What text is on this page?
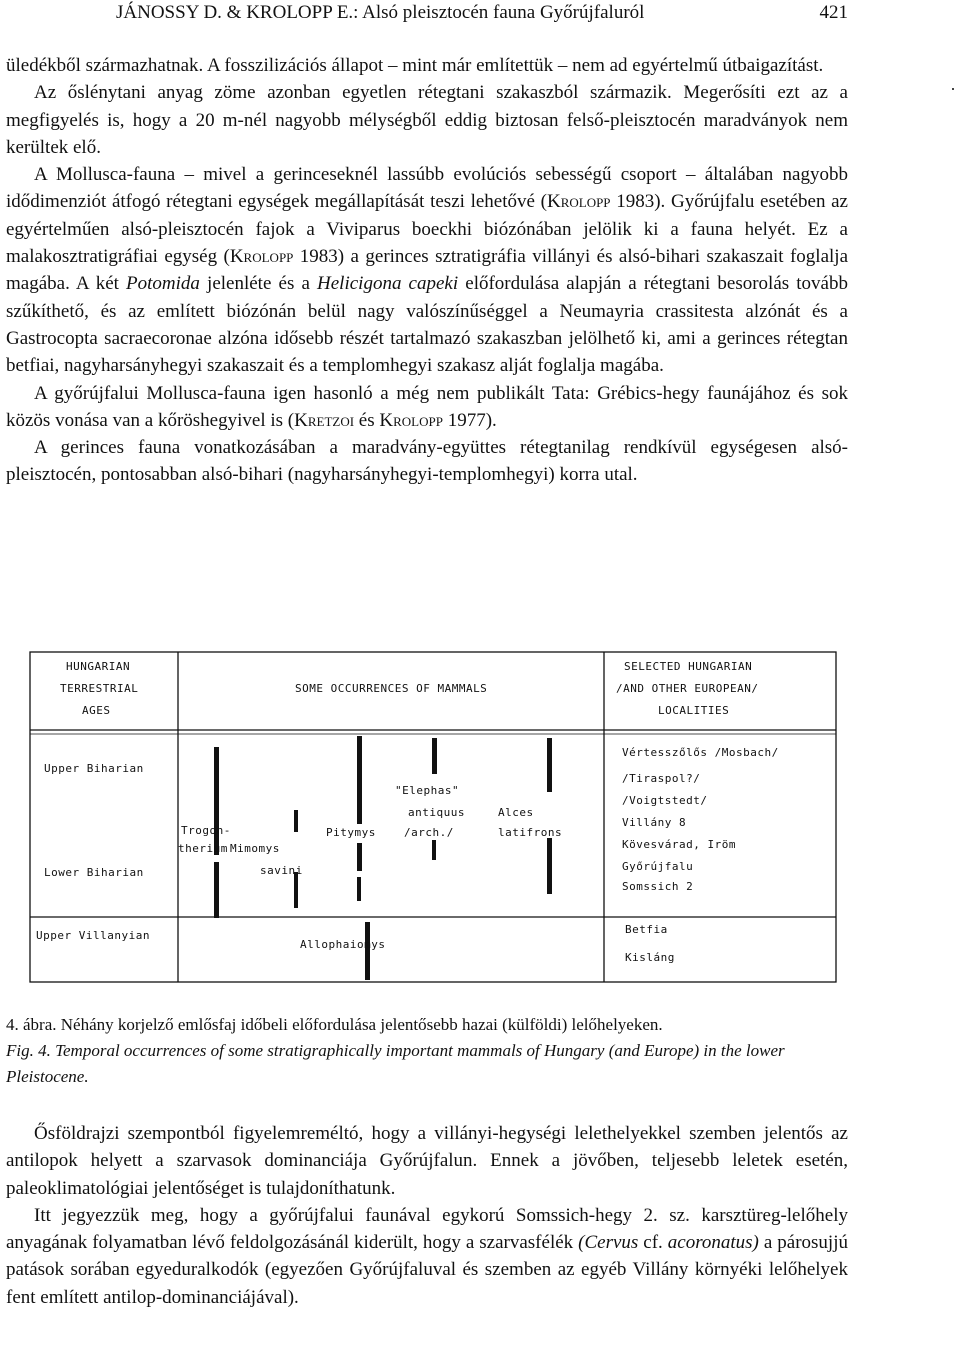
JÁNOSSY D. & KROLOPP E.: Alsó pleisztocén fauna Győrújfaluról	421

üledékből származhatnak. A fosszilizációs állapot – mint már említettük – nem ad egyértelmű útbaigazítást.

Az őslénytani anyag zöme azonban egyetlen rétegtani szakaszból származik. Megerősíti ezt az a megfigyelés is, hogy a 20 m-nél nagyobb mélységből eddig biztosan felső-pleisztocén maradványok nem kerültek elő.

A Mollusca-fauna – mivel a gerinceseknél lassúbb evolúciós sebességű csoport – általában nagyobb idődimenziót átfogó rétegtani egységek megállapítását teszi lehetővé (Krolopp 1983). Győrújfalu esetében az egyértelműen alsó-pleisztocén fajok a Viviparus boeckhi biózónában jelölik ki a fauna helyét. Ez a malakosztratigráfiai egység (Krolopp 1983) a gerinces sztratigráfia villányi és alsó-bihari szakaszait foglalja magába. A két Potomida jelenléte és a Helicigona capeki előfordulása alapján a rétegtani besorolás tovább szűkíthető, és az említett biózónán belül nagy valószínűséggel a Neumayria crassitesta alzónát és a Gastrocopta sacraecoronae alzóna idősebb részét tartalmazó szakaszban jelölhető ki, ami a gerinces rétegtan betfiai, nagyharsányhegyi szakaszait és a templomhegyi szakasz alját foglalja magába.

A győrújfalui Mollusca-fauna igen hasonló a még nem publikált Tata: Grébics-hegy faunájához és sok közös vonása van a kőröshegyivel is (Kretzoi és Krolopp 1977).

A gerinces fauna vonatkozásában a maradvány-együttes rétegtanilag rendkívül egységesen alsó-pleisztocén, pontosabban alsó-bihari (nagyharsányhegyi-templomhegyi) korra utal.

HUNGARIAN
TERRESTRIAL
AGES
SOME OCCURRENCES OF MAMMALS
SELECTED HUNGARIAN
/AND OTHER EUROPEAN/
LOCALITIES
Upper Biharian
Lower Biharian
Upper Villanyian
Trogon-
therium Mimomys
savini
Pitymys
"Elephas"
antiquus
/arch./
Alces
latifrons
Allophaiomys
Vértesszőlős /Mosbach/
/Tiraspol?/
/Voigtstedt/
Villány 8
Kövesvárad, Iröm
Győrújfalu
Somssich 2
Betfia
Kisláng

4. ábra. Néhány korjelző emlősfaj időbeli előfordulása jelentősebb hazai (külföldi) lelőhelyeken.

Fig. 4. Temporal occurrences of some stratigraphically important mammals of Hungary (and Europe) in the lower Pleistocene.

Ősföldrajzi szempontból figyelemreméltó, hogy a villányi-hegységi lelethelyekkel szemben jelentős az antilopok helyett a szarvasok dominanciája Győrújfalun. Ennek a jövőben, teljesebb leletek esetén, paleoklimatológiai jelentőséget is tulajdoníthatunk.

Itt jegyezzük meg, hogy a győrújfalui faunával egykorú Somssich-hegy 2. sz. karsztüreg-lelőhely anyagának folyamatban lévő feldolgozásánál kiderült, hogy a szarvasfélék (Cervus cf. acoronatus) a párosujjú patások sorában egyeduralkodók (egyezően Győrújfaluval és szemben az egyéb Villány környéki lelőhelyek fent említett antilop-dominanciájával).
